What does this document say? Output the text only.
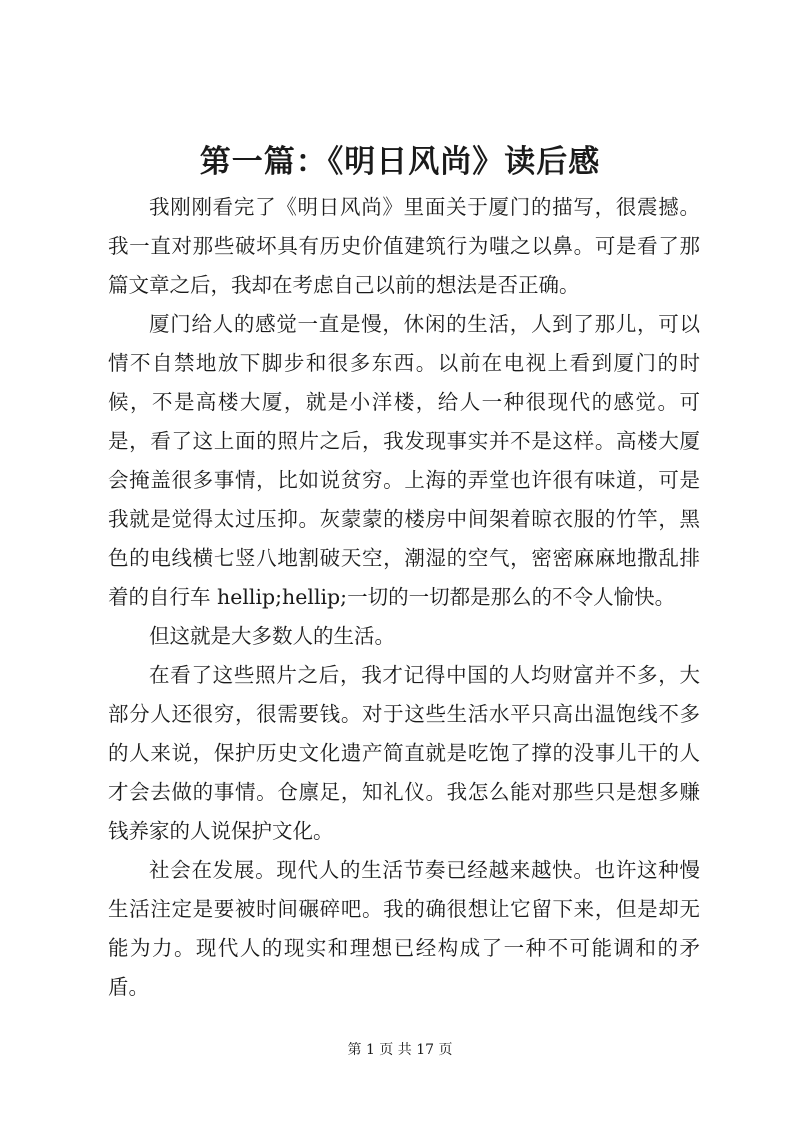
第一篇：《明日风尚》读后感

我刚刚看完了《明日风尚》里面关于厦门的描写，很震撼。我一直对那些破坏具有历史价值建筑行为嗤之以鼻。可是看了那篇文章之后，我却在考虑自己以前的想法是否正确。

厦门给人的感觉一直是慢，休闲的生活，人到了那儿，可以情不自禁地放下脚步和很多东西。以前在电视上看到厦门的时候，不是高楼大厦，就是小洋楼，给人一种很现代的感觉。可是，看了这上面的照片之后，我发现事实并不是这样。高楼大厦会掩盖很多事情，比如说贫穷。上海的弄堂也许很有味道，可是我就是觉得太过压抑。灰蒙蒙的楼房中间架着晾衣服的竹竿，黑色的电线横七竖八地割破天空，潮湿的空气，密密麻麻地撒乱排着的自行车 hellip;hellip;一切的一切都是那么的不令人愉快。

但这就是大多数人的生活。

在看了这些照片之后，我才记得中国的人均财富并不多，大部分人还很穷，很需要钱。对于这些生活水平只高出温饱线不多的人来说，保护历史文化遗产简直就是吃饱了撑的没事儿干的人才会去做的事情。仓廪足，知礼仪。我怎么能对那些只是想多赚钱养家的人说保护文化。

社会在发展。现代人的生活节奏已经越来越快。也许这种慢生活注定是要被时间碾碎吧。我的确很想让它留下来，但是却无能为力。现代人的现实和理想已经构成了一种不可能调和的矛盾。

第 1 页 共 17 页
